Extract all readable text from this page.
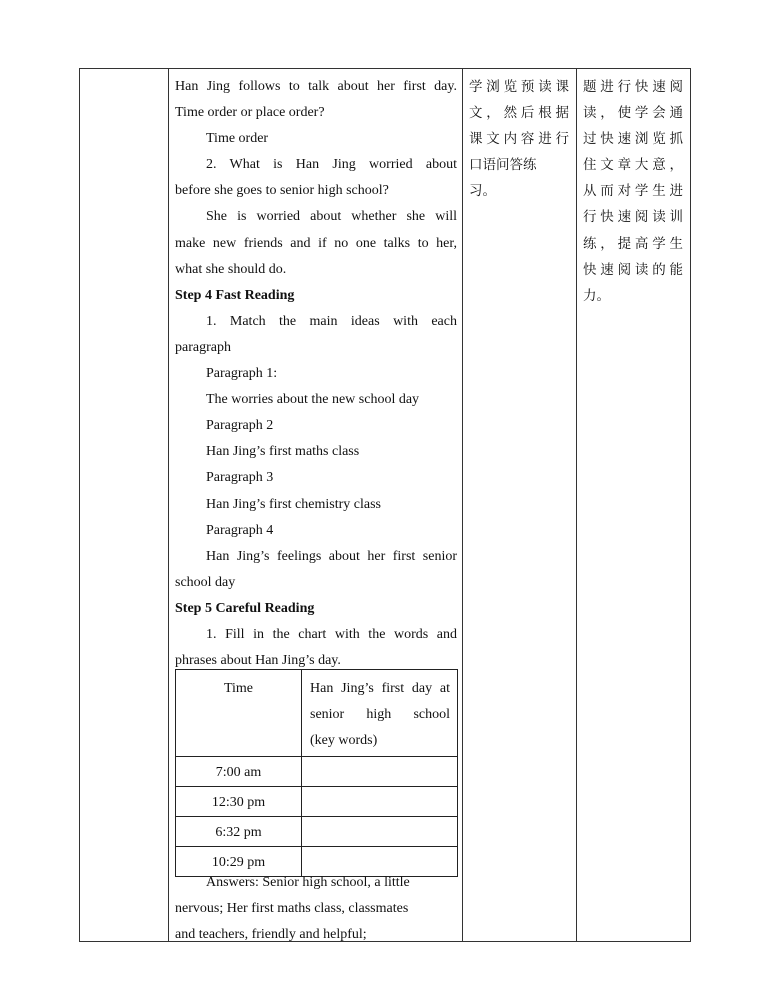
Han Jing follows to talk about her first day.
Time order or place order?
Time order
2. What is Han Jing worried about
before she goes to senior high school?
She is worried about whether she will
make new friends and if no one talks to her,
what she should do.
Step 4 Fast Reading
1. Match the main ideas with each
paragraph
Paragraph 1:
The worries about the new school day
Paragraph 2
Han Jing’s first maths class
Paragraph 3
Han Jing’s first chemistry class
Paragraph 4
Han Jing’s feelings about her first senior
school day
Step 5 Careful Reading
1. Fill in the chart with the words and
phrases about Han Jing’s day.
Time	Han Jing’s first day at
senior high school
(key words)

7:00 am	
12:30 pm	
6:32 pm	
10:29 pm	
Answers: Senior high school, a little
nervous; Her first maths class, classmates
and teachers, friendly and helpful;
学浏览预读课
文，然后根据
课文内容进行
口语问答练
习。
题进行快速阅
读，使学会通
过快速浏览抓
住文章大意，
从而对学生进
行快速阅读训
练，提高学生
快速阅读的能
力。
